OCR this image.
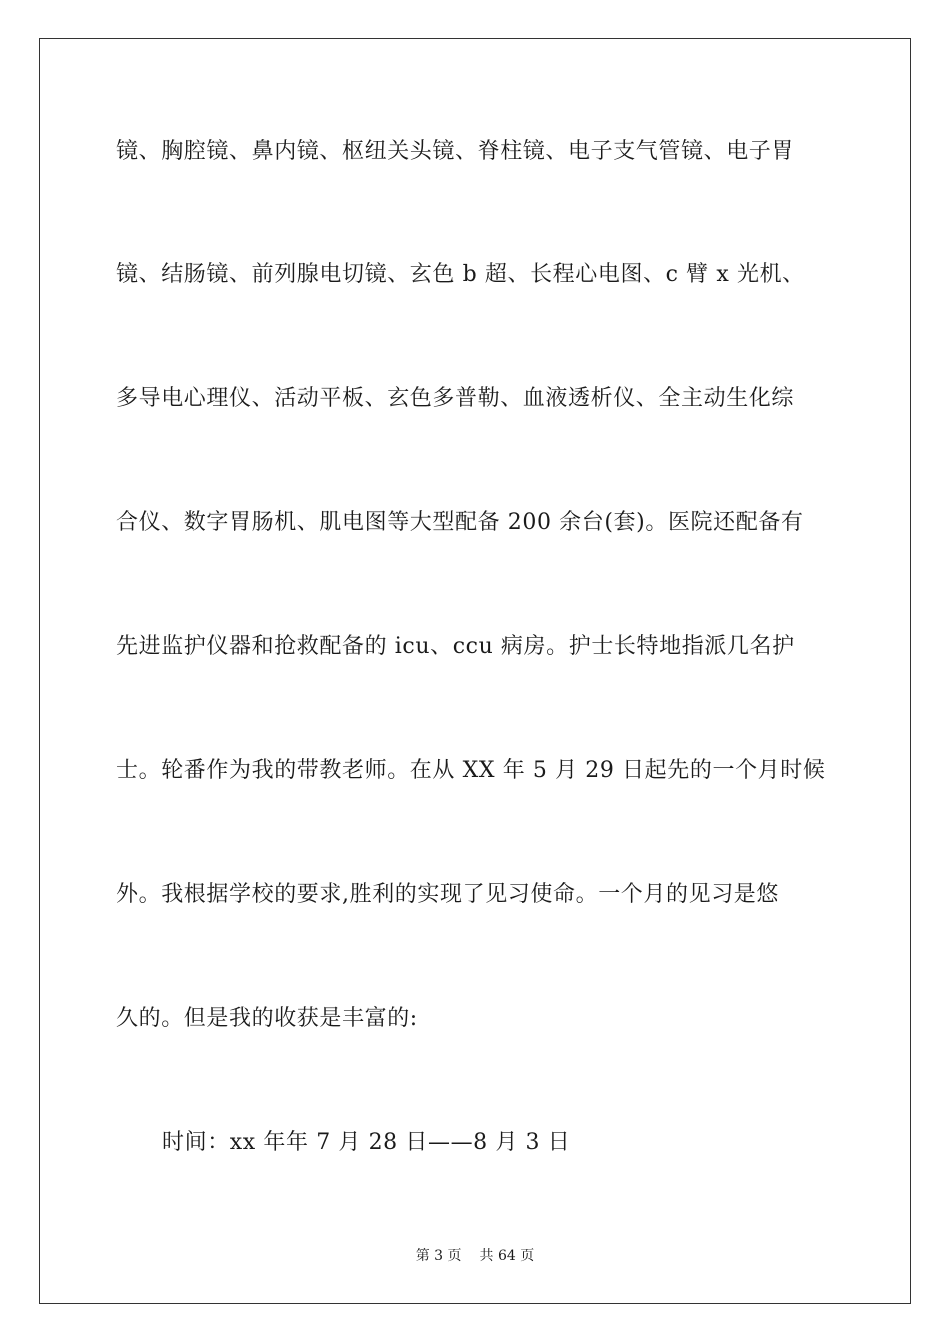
镜、胸腔镜、鼻内镜、枢纽关头镜、脊柱镜、电子支气管镜、电子胃

镜、结肠镜、前列腺电切镜、玄色 b 超、长程心电图、c 臂 x 光机、

多导电心理仪、活动平板、玄色多普勒、血液透析仪、全主动生化综

合仪、数字胃肠机、肌电图等大型配备 200 余台(套)。医院还配备有

先进监护仪器和抢救配备的 icu、ccu 病房。护士长特地指派几名护

士。轮番作为我的带教老师。在从 XX 年 5 月 29 日起先的一个月时候

外。我根据学校的要求,胜利的实现了见习使命。一个月的见习是悠

久的。但是我的收获是丰富的:

时间：xx 年年 7 月 28 日——8 月 3 日

第 3 页 共 64 页
